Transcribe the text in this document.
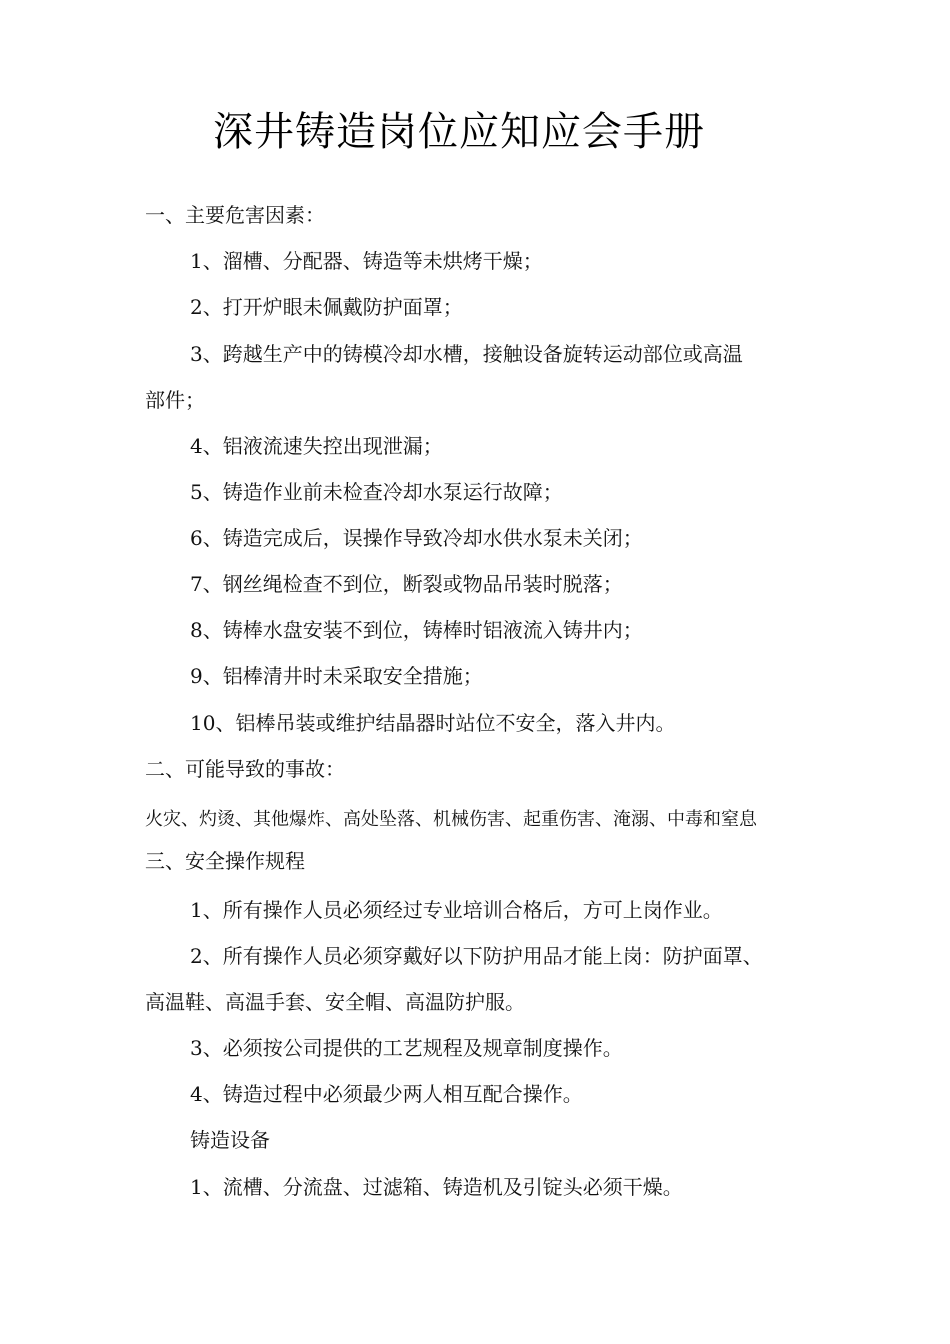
深井铸造岗位应知应会手册
一、主要危害因素：
1、溜槽、分配器、铸造等未烘烤干燥；
2、打开炉眼未佩戴防护面罩；
3、跨越生产中的铸模冷却水槽，接触设备旋转运动部位或高温
部件；
4、铝液流速失控出现泄漏；
5、铸造作业前未检查冷却水泵运行故障；
6、铸造完成后，误操作导致冷却水供水泵未关闭；
7、钢丝绳检查不到位，断裂或物品吊装时脱落；
8、铸棒水盘安装不到位，铸棒时铝液流入铸井内；
9、铝棒清井时未采取安全措施；
10、铝棒吊装或维护结晶器时站位不安全，落入井内。
二、可能导致的事故：
火灾、灼烫、其他爆炸、高处坠落、机械伤害、起重伤害、淹溺、中毒和窒息
三、安全操作规程
1、所有操作人员必须经过专业培训合格后，方可上岗作业。
2、所有操作人员必须穿戴好以下防护用品才能上岗：防护面罩、
高温鞋、高温手套、安全帽、高温防护服。
3、必须按公司提供的工艺规程及规章制度操作。
4、铸造过程中必须最少两人相互配合操作。
铸造设备
1、流槽、分流盘、过滤箱、铸造机及引锭头必须干燥。
